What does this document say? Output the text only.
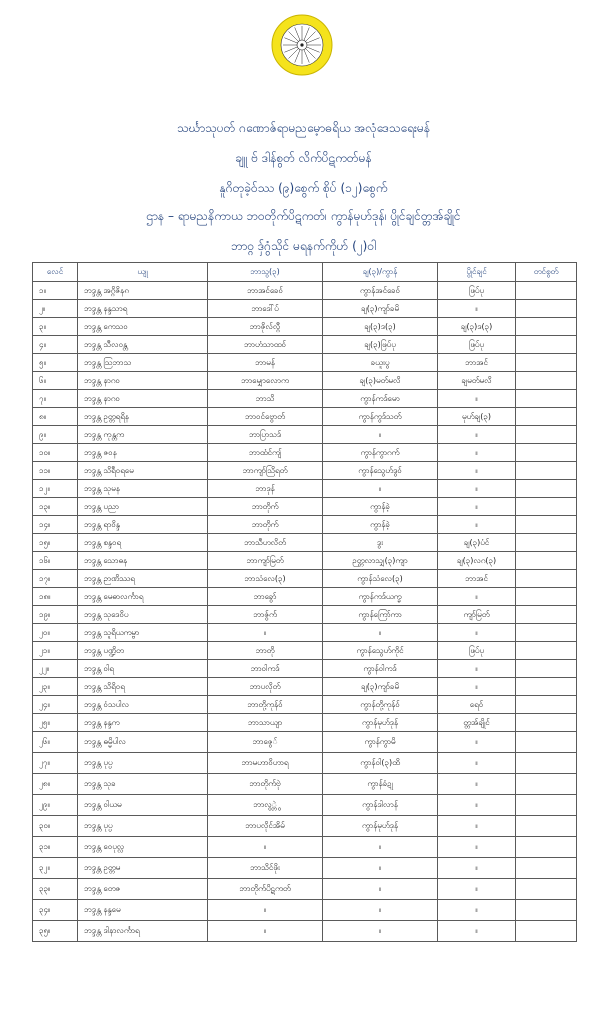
သင်္ဃာသုပတ် ဂဏောဇ်ရာမညမေ့ာဓရိယ အလုံဒေသရေးမန်
ချူ ဗ် ဒါန်စွတ် လိက်ပိဋကတ်မန်
နူဂိတုခဲ့ဝ်ဿ (၉)စွေက် စိုပ် (၁၂)စွေက်
ဌာန – ရာမညနိကာယ ဘဝတိုက်ပိဋကတ်၊ ကွာန်မုဟ်ဒုန်၊ ပွိုင်ချင်တ္တအ်ချိုင်
ဘာဝ္ဂ ဒှ်ဂွံသိုင် မရနက်ကိုဟ် (၂)ဝါ
လေင်	ယျု	ဘာသွ(၃)	ချ(၃)/ကွာန်	ပွိုင်ချင်	တင်စွတ်
၁။	ဘဒ္ဒန္တ အဂ္ဂိဇိနၵ	ဘာအင်ခေဝ်	ကွာန်အင်ခေဝ်	ဖြပ်ပု	
၂။	ဘဒ္ဒန္တ နန္ဒသာရ	ဘာဒေါ်ပ်	ချ(၃)ကျာ်ခမိ	။	
၃။	ဘဒ္ဒန္တ ကေသဝ	ဘာဇိုလ်လ္ဂီ	ချ(၃)ဒ(၃)	ချ(၃)ဒ(၃)	
၄။	ဘဒ္ဒန္တ သီလဝန္တ	ဘာဟံသာထဝ်	ချ(၃)ဖြပ်ပု	ဖြပ်ပု	
၅။	ဘဒ္ဒန္တ သြဘာသ	ဘာမန်	ခယူးပွ	ဘာအင်	
၆။	ဘဒ္ဒန္တ နာဂဝ	ဘာမျှောလောက	ချ(၃)မတ်မလိ	ချမတ်မလိ	
၇။	ဘဒ္ဒန္တ နာဂဝ	ဘာသိ	ကွာန်ကဒ်မော	။	
၈။	ဘဒ္ဒန္တ ဥတ္တရရိန	ဘာဝင်ဗွောတ်	ကွာန်ကွဒ်သတ်	မုဟ်ချ(၃)	
၉။	ဘဒ္ဒန္တ ကုန္တက	ဘာပြာသဒ်	။	။	
၁၀။	ဘဒ္ဒန္တ ဇဝန	ဘာထံင်ကျ်	ကွာန်ကွာဂက်	။	
၁၁။	ဘဒ္ဒန္တ သိရီဝရမေ	ဘာကျာ်သြိရတ်	ကွာန်သွေဟ်ဒွဝ်	။	
၁၂။	ဘဒ္ဒန္တ သုမန	ဘာဒုန်	။	။	
၁၃။	ဘဒ္ဒန္တ ပညာ	ဘာတိုက်	ကွာန်ခဲ့	။	
၁၄။	ဘဒ္ဒန္တ ရာဝိန္ဒ	ဘာတိုက်	ကွာန်ခဲ့	။	
၁၅။	ဘဒ္ဒန္တ စန္ဒဝရ	ဘာသီဟလိတ်	ဒွး	ချ(၃)ပံင်	
၁၆။	ဘဒ္ဒန္တ သောဓန	ဘာကျာ်မြတ်	ဉတ္တလာသျှ(၃)ကျာ	ချ(၃)လဂ(၃)	
၁၇။	ဘဒ္ဒန္တ ဉာဏိဿရ	ဘာသံလေ(၃)	ကွာန်သံလေ(၃)	ဘာအင်	
၁၈။	ဘဒ္ဒန္တ မေဓာလင်္ကာရ	ဘာခွော်	ကွာန်ကဒ်ယက္ခ	။	
၁၉။	ဘဒ္ဒန္တ သုဒေဝိပ	ဘာဇွ်က်	ကွာန်ကြော်ကာ	ကျာ်မြတ်	
၂၀။	ဘဒ္ဒန္တ သူရိယကမ္ဗာ	။	။	။	
၂၁။	ဘဒ္ဒန္တ ပဏ္ဍိတ	ဘာတို	ကွာန်သွေဟ်ကိုင်	ဖြပ်ပု	
၂၂။	ဘဒ္ဒန္တ ဝါရ	ဘာဝါကဒ်	ကွာန်ဝါကဒ်	။	
၂၃။	ဘဒ္ဒန္တ သိရိဝရ	ဘာပလိုတ်	ချ(၃)ကျာ်ခမိ	။	
၂၄။	ဘဒ္ဒန္တ ဝံသပါလ	ဘာတို့ကုန်ဝ်	ကွာန်တို့ကုန်ဝ်	ရေဝ်	
၂၅။	ဘဒ္ဒန္တ နန္ဒက	ဘာသာယျာ	ကွာန်မုဟ်ဒုန်	တ္တအ်ချိုင်	
၂၆။	ဘဒ္ဒန္တ ဓမ္မိပါလ	ဘာဇွေ်	ကွာန်ကွာမိ	။	
၂၇။	ဘဒ္ဒန္တ ပုပ္ပ	ဘာမဟာဝိဟာရ	ကွာန်ဝါ(၃)ထိ	။	
၂၈။	ဘဒ္ဒန္တ သုခ	ဘာတိုက်ဗုဲ	ကွာန်ခံဍု	။	
၂၉။	ဘဒ္ဒန္တ ဝါယမ	ဘာလွ္ဘွဲ	ကွာန်ဒါလာန်	။	
၃၀။	ဘဒ္ဒန္တ ပုပ္ပ	ဘာပလိုင်အိမ်	ကွာန်မုဟ်ဒုန်	။	
၃၁။	ဘဒ္ဒန္တ ဝေပုလ္လ	။	။	။	
၃၂။	ဘဒ္ဒန္တ ဥတ္တမ	ဘာသိင်ဖိုး	။	။	
၃၃။	ဘဒ္ဒန္တ တေဇ	ဘာတိုက်ပိဋကတ်	။	။	
၃၄။	ဘဒ္ဒန္တ နန္ဒမေ	။	။	။	
၃၅။	ဘဒ္ဒန္တ ဒါနာလင်္ကာရ	။	။	။	
